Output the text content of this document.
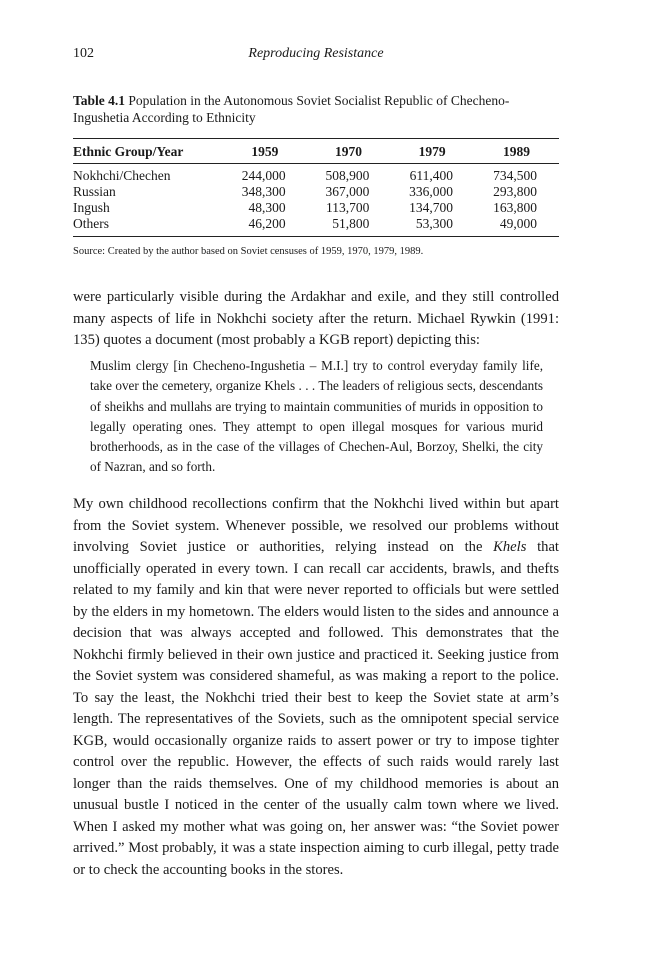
102	Reproducing Resistance
Table 4.1 Population in the Autonomous Soviet Socialist Republic of Checheno-Ingushetia According to Ethnicity
Ethnic Group/Year	1959	1970	1979	1989
Nokhchi/Chechen	244,000	508,900	611,400	734,500
Russian	348,300	367,000	336,000	293,800
Ingush	48,300	113,700	134,700	163,800
Others	46,200	51,800	53,300	49,000
Source: Created by the author based on Soviet censuses of 1959, 1970, 1979, 1989.

were particularly visible during the Ardakhar and exile, and they still controlled many aspects of life in Nokhchi society after the return. Michael Rywkin (1991: 135) quotes a document (most probably a KGB report) depicting this:

Muslim clergy [in Checheno-Ingushetia – M.I.] try to control everyday family life, take over the cemetery, organize Khels . . . The leaders of religious sects, descendants of sheikhs and mullahs are trying to maintain communities of murids in opposition to legally operating ones. They attempt to open illegal mosques for various murid brotherhoods, as in the case of the villages of Chechen-Aul, Borzoy, Shelki, the city of Nazran, and so forth.

My own childhood recollections confirm that the Nokhchi lived within but apart from the Soviet system. Whenever possible, we resolved our problems without involving Soviet justice or authorities, relying instead on the Khels that unofficially operated in every town. I can recall car accidents, brawls, and thefts related to my family and kin that were never reported to officials but were settled by the elders in my hometown. The elders would listen to the sides and announce a decision that was always accepted and followed. This demonstrates that the Nokhchi firmly believed in their own justice and practiced it. Seeking justice from the Soviet system was considered shameful, as was making a report to the police. To say the least, the Nokhchi tried their best to keep the Soviet state at arm’s length. The representatives of the Soviets, such as the omnipotent special service KGB, would occasionally organize raids to assert power or try to impose tighter control over the republic. However, the effects of such raids would rarely last longer than the raids themselves. One of my childhood memories is about an unusual bustle I noticed in the center of the usually calm town where we lived. When I asked my mother what was going on, her answer was: “the Soviet power arrived.” Most probably, it was a state inspection aiming to curb illegal, petty trade or to check the accounting books in the stores.
